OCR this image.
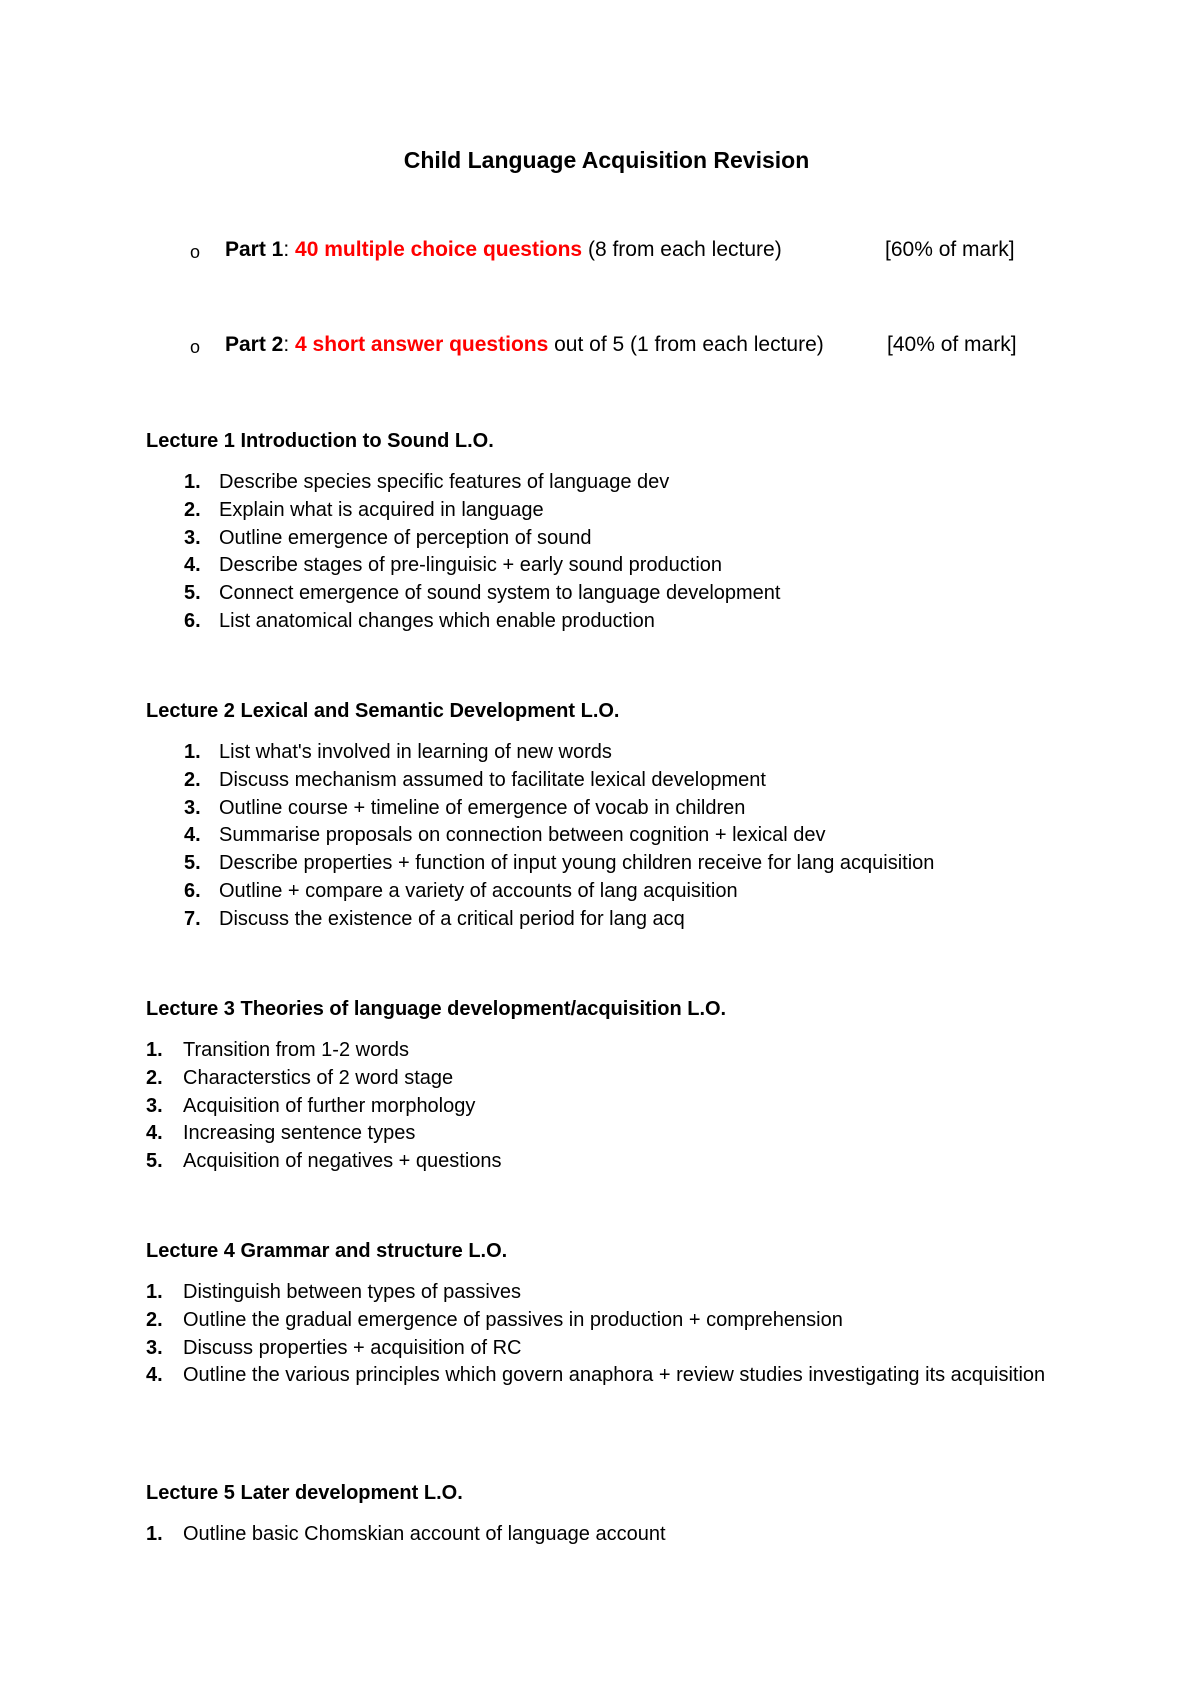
Child Language Acquisition Revision
o Part 1: 40 multiple choice questions (8 from each lecture)	[60% of mark]
o Part 2: 4 short answer questions out of 5 (1 from each lecture)	[40% of mark]
Lecture 1 Introduction to Sound L.O.
1. Describe species specific features of language dev
2. Explain what is acquired in language
3. Outline emergence of perception of sound
4. Describe stages of pre-linguisic + early sound production
5. Connect emergence of sound system to language development
6. List anatomical changes which enable production
Lecture 2 Lexical and Semantic Development L.O.
1. List what's involved in learning of new words
2. Discuss mechanism assumed to facilitate lexical development
3. Outline course + timeline of emergence of vocab in children
4. Summarise proposals on connection between cognition + lexical dev
5. Describe properties + function of input young children receive for lang acquisition
6. Outline + compare a variety of accounts of lang acquisition
7. Discuss the existence of a critical period for lang acq
Lecture 3 Theories of language development/acquisition L.O.
1. Transition from 1-2 words
2. Characterstics of 2 word stage
3. Acquisition of further morphology
4. Increasing sentence types
5. Acquisition of negatives + questions
Lecture 4 Grammar and structure L.O.
1. Distinguish between types of passives
2. Outline the gradual emergence of passives in production + comprehension
3. Discuss properties + acquisition of RC
4. Outline the various principles which govern anaphora + review studies investigating its acquisition
Lecture 5 Later development L.O.
1. Outline basic Chomskian account of language account
